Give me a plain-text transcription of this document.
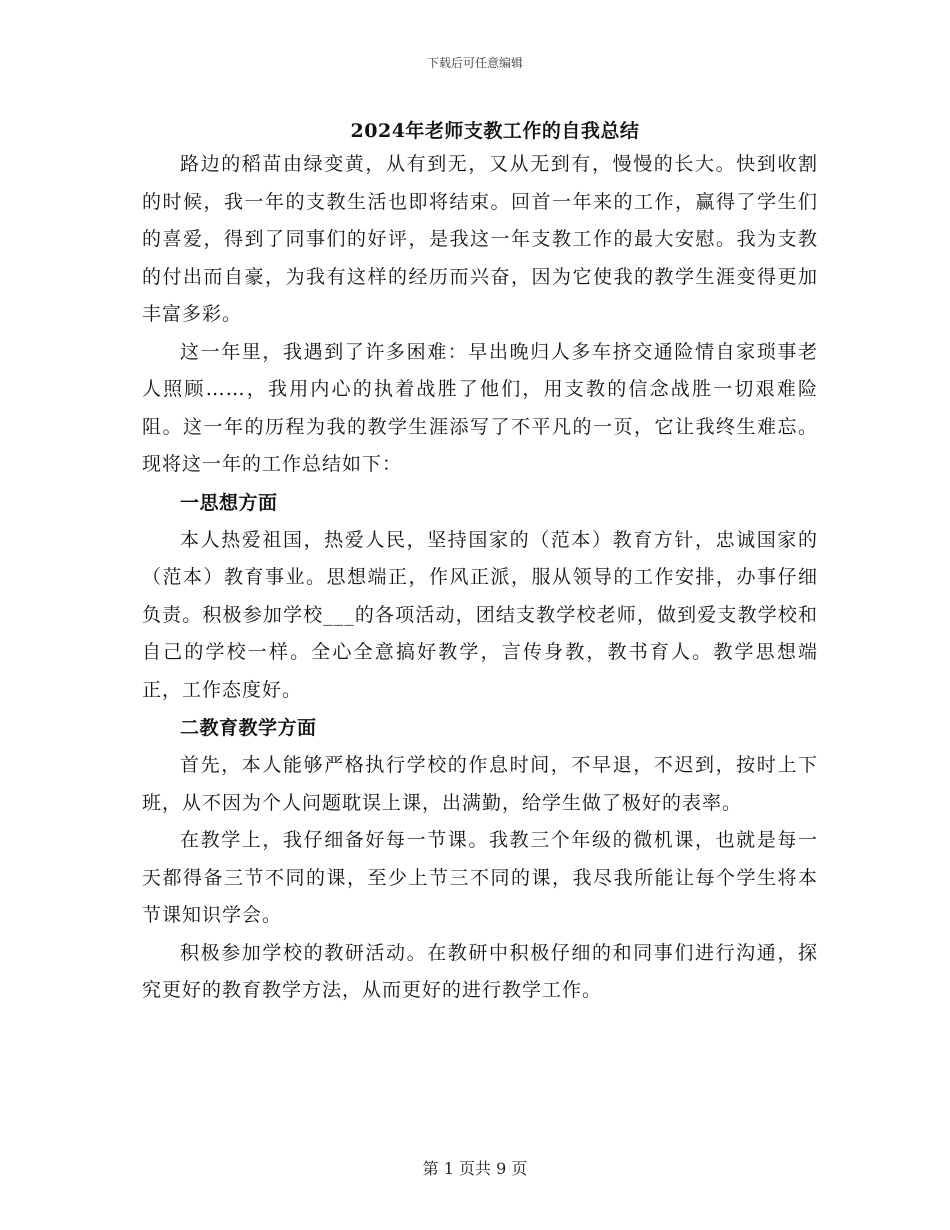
下载后可任意编辑
2024年老师支教工作的自我总结

路边的稻苗由绿变黄，从有到无，又从无到有，慢慢的长大。快到收割的时候，我一年的支教生活也即将结束。回首一年来的工作，赢得了学生们的喜爱，得到了同事们的好评，是我这一年支教工作的最大安慰。我为支教的付出而自豪，为我有这样的经历而兴奋，因为它使我的教学生涯变得更加丰富多彩。

这一年里，我遇到了许多困难：早出晚归人多车挤交通险情自家琐事老人照顾……，我用内心的执着战胜了他们，用支教的信念战胜一切艰难险阻。这一年的历程为我的教学生涯添写了不平凡的一页，它让我终生难忘。现将这一年的工作总结如下：

一思想方面

本人热爱祖国，热爱人民，坚持国家的（范本）教育方针，忠诚国家的（范本）教育事业。思想端正，作风正派，服从领导的工作安排，办事仔细负责。积极参加学校___的各项活动，团结支教学校老师，做到爱支教学校和自己的学校一样。全心全意搞好教学，言传身教，教书育人。教学思想端正，工作态度好。

二教育教学方面

首先，本人能够严格执行学校的作息时间，不早退，不迟到，按时上下班，从不因为个人问题耽误上课，出满勤，给学生做了极好的表率。

在教学上，我仔细备好每一节课。我教三个年级的微机课，也就是每一天都得备三节不同的课，至少上节三不同的课，我尽我所能让每个学生将本节课知识学会。

积极参加学校的教研活动。在教研中积极仔细的和同事们进行沟通，探究更好的教育教学方法，从而更好的进行教学工作。

第 1 页共 9 页
